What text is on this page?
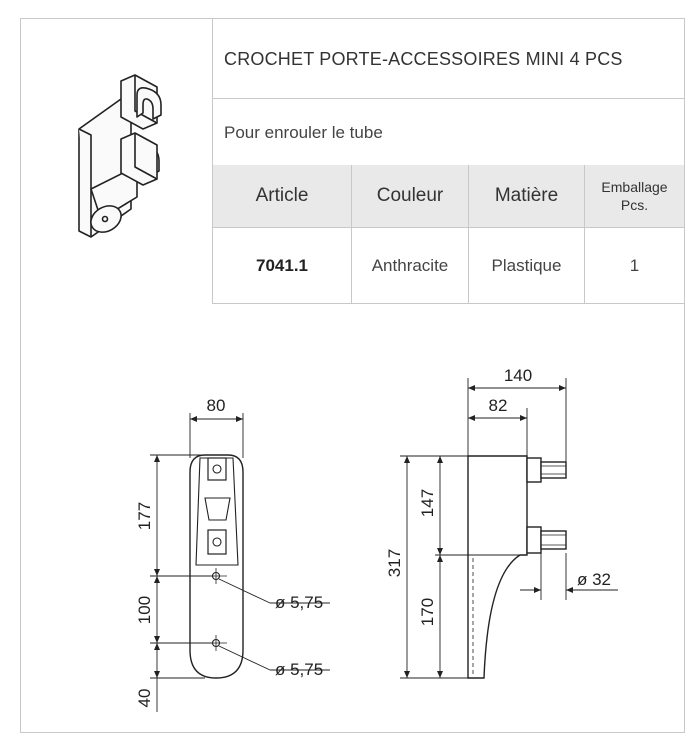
CROCHET PORTE-ACCESSOIRES MINI 4 PCS
Pour enrouler le tube
Article	Couleur	Matière	Emballage
Pcs.
7041.1	Anthracite	Plastique	1
80
177
100
40
ø 5,75
ø 5,75
140
82
317
147
170
ø 32
